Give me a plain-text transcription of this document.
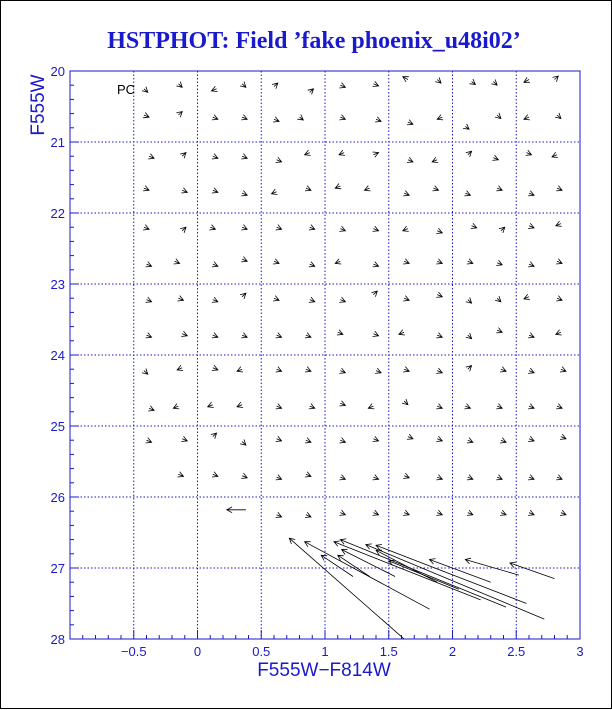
HSTPHOT: Field ’fake phoenix_u48i02’
−0.5	0	0.5	1	1.5	2	2.5	3
20
21
22
23
24
25
26
27
28
PC
F555W−F814W
F555W
